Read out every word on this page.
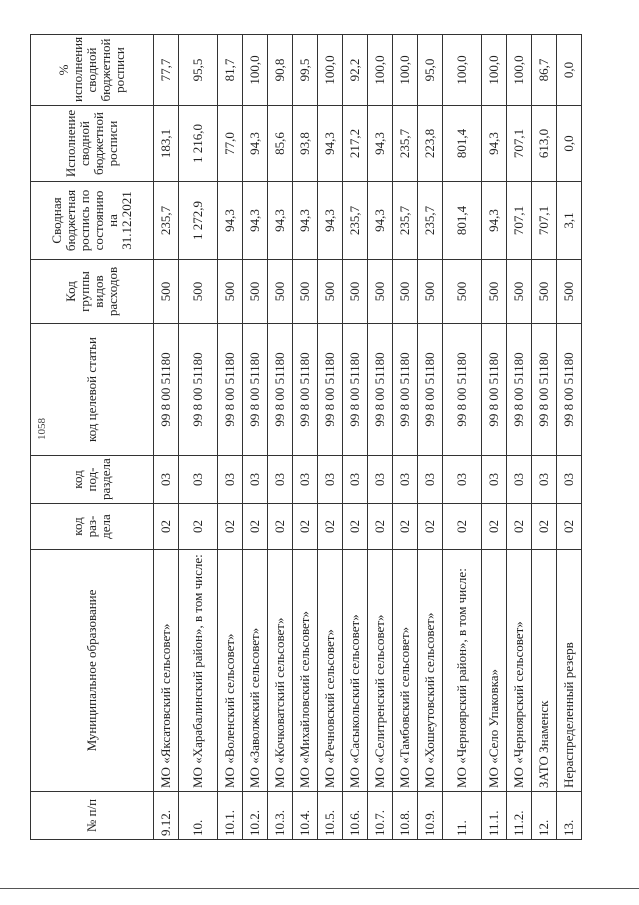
1058
№ п/п	Муниципальное образование	код раз-дела	код под-раздела	код целевой статьи	Код группы видов расходов	Сводная бюджетная роспись по состоянию на 31.12.2021	Исполнение сводной бюджетной росписи	% исполнения сводной бюджетной росписи
9.12.	МО «Яксатовский сельсовет»	02	03	99 8 00 51180	500	235,7	183,1	77,7
10.	МО «Харабалинский район», в том числе:	02	03	99 8 00 51180	500	1 272,9	1 216,0	95,5
10.1.	МО «Воленский сельсовет»	02	03	99 8 00 51180	500	94,3	77,0	81,7
10.2.	МО «Заволжский сельсовет»	02	03	99 8 00 51180	500	94,3	94,3	100,0
10.3.	МО «Кочковатский сельсовет»	02	03	99 8 00 51180	500	94,3	85,6	90,8
10.4.	МО «Михайловский сельсовет»	02	03	99 8 00 51180	500	94,3	93,8	99,5
10.5.	МО «Речновский сельсовет»	02	03	99 8 00 51180	500	94,3	94,3	100,0
10.6.	МО «Сасыкольский сельсовет»	02	03	99 8 00 51180	500	235,7	217,2	92,2
10.7.	МО «Селитренский сельсовет»	02	03	99 8 00 51180	500	94,3	94,3	100,0
10.8.	МО «Тамбовский сельсовет»	02	03	99 8 00 51180	500	235,7	235,7	100,0
10.9.	МО «Хошеутовский сельсовет»	02	03	99 8 00 51180	500	235,7	223,8	95,0
11.	МО «Черноярский район», в том числе:	02	03	99 8 00 51180	500	801,4	801,4	100,0
11.1.	МО «Село Упаковка»	02	03	99 8 00 51180	500	94,3	94,3	100,0
11.2.	МО «Черноярский сельсовет»	02	03	99 8 00 51180	500	707,1	707,1	100,0
12.	ЗАТО Знаменск	02	03	99 8 00 51180	500	707,1	613,0	86,7
13.	Нераспределенный резерв	02	03	99 8 00 51180	500	3,1	0,0	0,0
